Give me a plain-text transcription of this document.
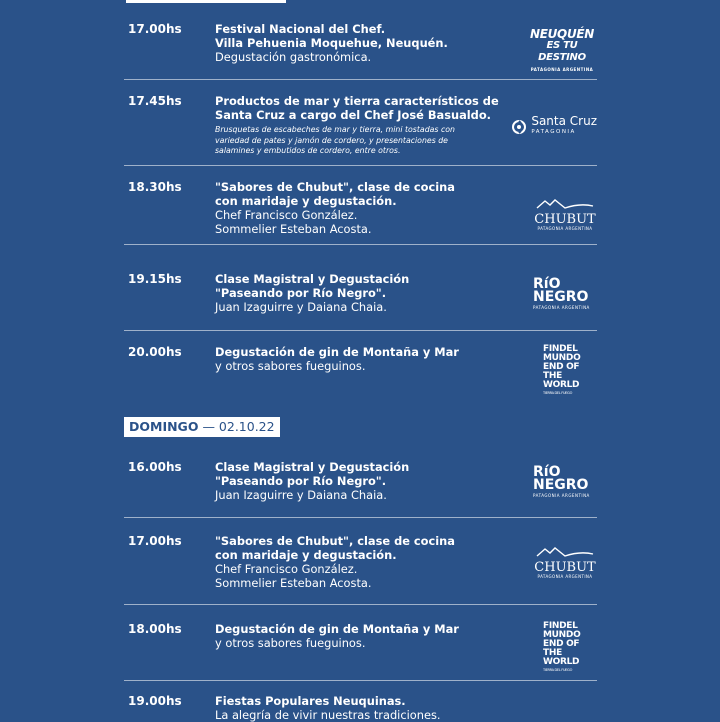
17.00hs	Festival Nacional del Chef.
Villa Pehuenia Moquehue, Neuquén.
Degustación gastronómica.
NEUQUÉN
ES TU DESTINO
PATAGONIA ARGENTINA
17.45hs	Productos de mar y tierra característicos de
Santa Cruz a cargo del Chef José Basualdo.
Brusquetas de escabeches de mar y tierra, mini tostadas con
variedad de pates y jamón de cordero, y presentaciones de
salamines y embutidos de cordero, entre otros.
Santa Cruz
PATAGONIA
18.30hs	"Sabores de Chubut", clase de cocina
con maridaje y degustación.
Chef Francisco González.
Sommelier Esteban Acosta.
CHUBUT
PATAGONIA ARGENTINA
19.15hs	Clase Magistral y Degustación
"Paseando por Río Negro".
Juan Izaguirre y Daiana Chaia.
RíO
NEGRO
PATAGONIA ARGENTINA
20.00hs	Degustación de gin de Montaña y Mar
y otros sabores fueguinos.
FINDEL
MUNDO
END OF THE
WORLD
TIERRA DEL FUEGO
DOMINGO — 02.10.22
16.00hs	Clase Magistral y Degustación
"Paseando por Río Negro".
Juan Izaguirre y Daiana Chaia.
RíO
NEGRO
PATAGONIA ARGENTINA
17.00hs	"Sabores de Chubut", clase de cocina
con maridaje y degustación.
Chef Francisco González.
Sommelier Esteban Acosta.
CHUBUT
PATAGONIA ARGENTINA
18.00hs	Degustación de gin de Montaña y Mar
y otros sabores fueguinos.
FINDEL
MUNDO
END OF THE
WORLD
TIERRA DEL FUEGO
19.00hs	Fiestas Populares Neuquinas.
La alegría de vivir nuestras tradiciones.
